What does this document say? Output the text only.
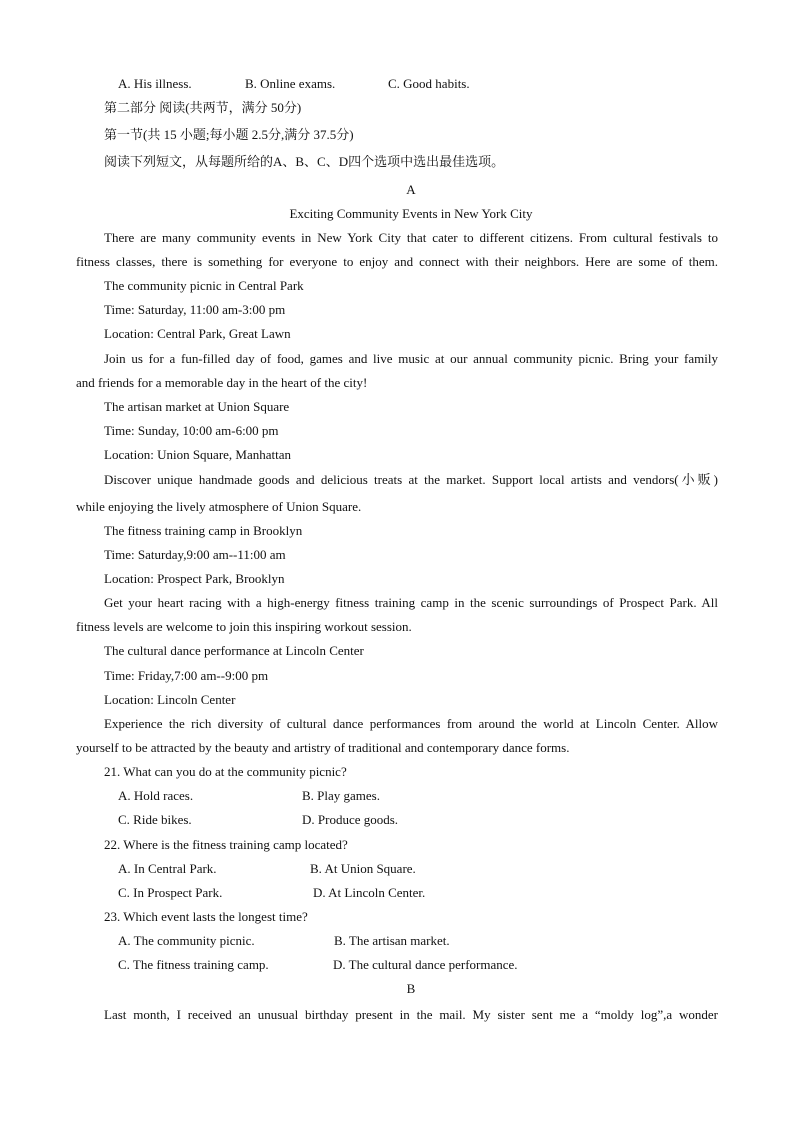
A. His illness.	B. Online exams.	C. Good habits.
第二部分 阅读(共两节，满分 50分)
第一节(共 15 小题;每小题 2.5分,满分 37.5分)
阅读下列短文，从每题所给的A、B、C、D四个选项中选出最佳选项。
A
Exciting Community Events in New York City
There are many community events in New York City that cater to different citizens. From cultural festivals to
fitness classes, there is something for everyone to enjoy and connect with their neighbors. Here are some of them.
The community picnic in Central Park
Time: Saturday, 11:00 am-3:00 pm
Location: Central Park, Great Lawn
Join us for a fun-filled day of food, games and live music at our annual community picnic. Bring your family
and friends for a memorable day in the heart of the city!
The artisan market at Union Square
Time: Sunday, 10:00 am-6:00 pm
Location: Union Square, Manhattan
Discover unique handmade goods and delicious treats at the market. Support local artists and vendors(小贩)
while enjoying the lively atmosphere of Union Square.
The fitness training camp in Brooklyn
Time: Saturday,9:00 am--11:00 am
Location: Prospect Park, Brooklyn
Get your heart racing with a high-energy fitness training camp in the scenic surroundings of Prospect Park. All
fitness levels are welcome to join this inspiring workout session.
The cultural dance performance at Lincoln Center
Time: Friday,7:00 am--9:00 pm
Location: Lincoln Center
Experience the rich diversity of cultural dance performances from around the world at Lincoln Center. Allow
yourself to be attracted by the beauty and artistry of traditional and contemporary dance forms.
21. What can you do at the community picnic?
A. Hold races.	B. Play games.
C. Ride bikes.	D. Produce goods.
22. Where is the fitness training camp located?
A. In Central Park.	B. At Union Square.
C. In Prospect Park.	D. At Lincoln Center.
23. Which event lasts the longest time?
A. The community picnic.	B. The artisan market.
C. The fitness training camp.	D. The cultural dance performance.
B
Last month, I received an unusual birthday present in the mail. My sister sent me a “moldy log”,a wonder
